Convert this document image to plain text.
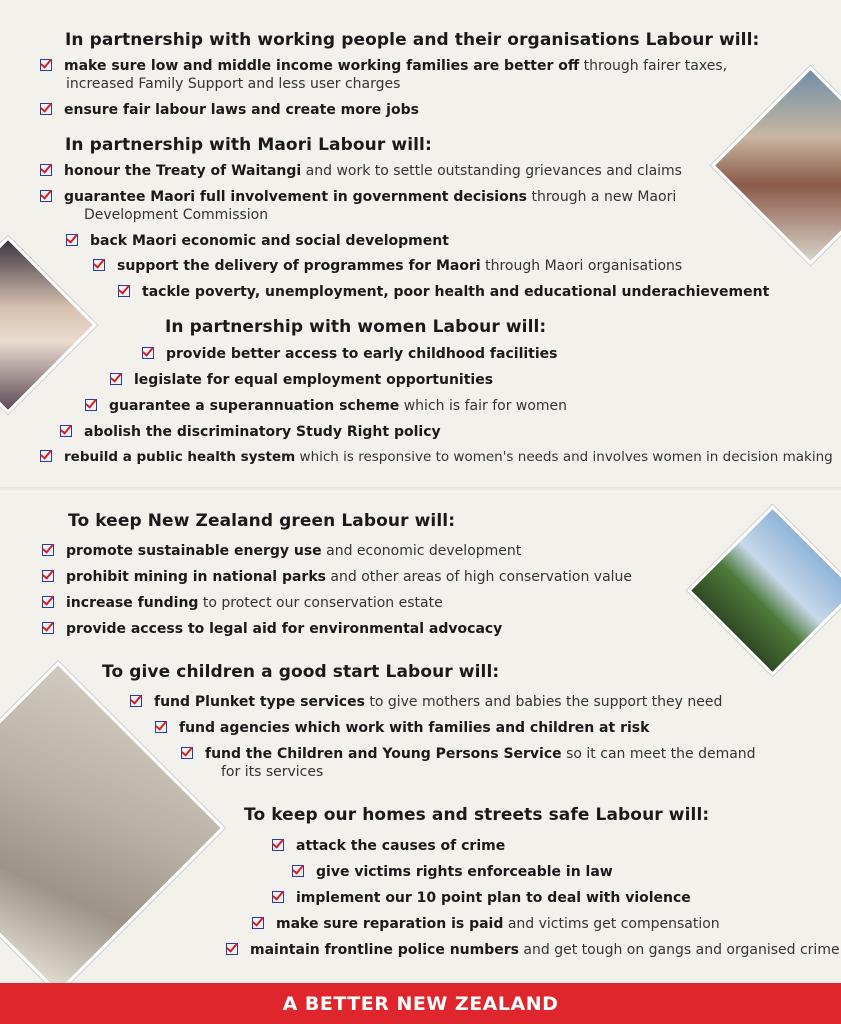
In partnership with working people and their organisations Labour will:
make sure low and middle income working families are better off through fairer taxes,
increased Family Support and less user charges
ensure fair labour laws and create more jobs
In partnership with Maori Labour will:
honour the Treaty of Waitangi and work to settle outstanding grievances and claims
guarantee Maori full involvement in government decisions through a new Maori
Development Commission
back Maori economic and social development
support the delivery of programmes for Maori through Maori organisations
tackle poverty, unemployment, poor health and educational underachievement
In partnership with women Labour will:
provide better access to early childhood facilities
legislate for equal employment opportunities
guarantee a superannuation scheme which is fair for women
abolish the discriminatory Study Right policy
rebuild a public health system which is responsive to women's needs and involves women in decision making
To keep New Zealand green Labour will:
promote sustainable energy use and economic development
prohibit mining in national parks and other areas of high conservation value
increase funding to protect our conservation estate
provide access to legal aid for environmental advocacy
To give children a good start Labour will:
fund Plunket type services to give mothers and babies the support they need
fund agencies which work with families and children at risk
fund the Children and Young Persons Service so it can meet the demand
for its services
To keep our homes and streets safe Labour will:
attack the causes of crime
give victims rights enforceable in law
implement our 10 point plan to deal with violence
make sure reparation is paid and victims get compensation
maintain frontline police numbers and get tough on gangs and organised crime
A BETTER NEW ZEALAND
